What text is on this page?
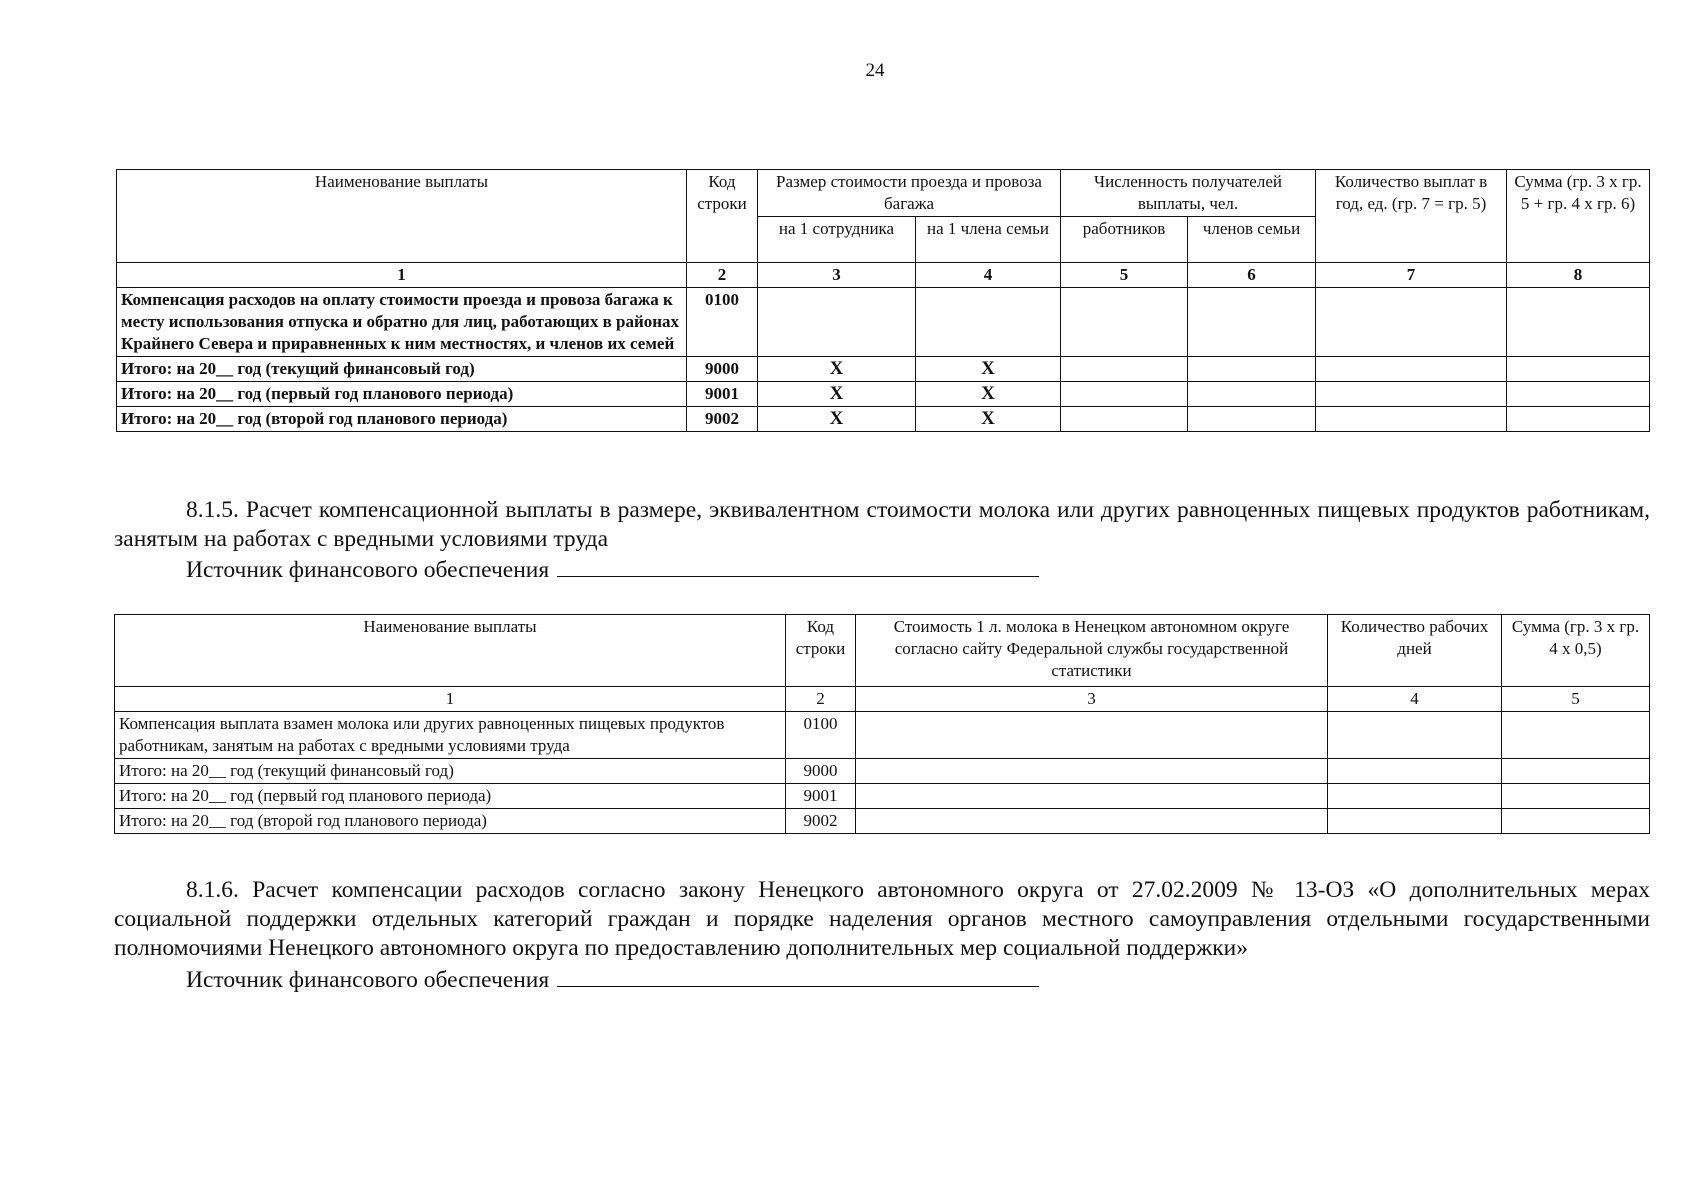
24
Наименование выплаты	Код строки	Размер стоимости проезда и провоза багажа		Численность получателей выплаты, чел.		Количество выплат в год, ед. (гр. 7 = гр. 5)	Сумма (гр. 3 х гр. 5 + гр. 4 х гр. 6)
		на 1 сотрудника	на 1 члена семьи	работников	членов семьи		
1	2	3	4	5	6	7	8
Компенсация расходов на оплату стоимости проезда и провоза багажа к месту использования отпуска и обратно для лиц, работающих в районах Крайнего Севера и приравненных к ним местностях, и членов их семей	0100						
Итого: на 20__ год (текущий финансовый год)	9000	Х	Х				
Итого: на 20__ год (первый год планового периода)	9001	Х	Х				
Итого: на 20__ год (второй год планового периода)	9002	Х	Х				
8.1.5. Расчет компенсационной выплаты в размере, эквивалентном стоимости молока или других равноценных пищевых продуктов работникам, занятым на работах с вредными условиями труда
Источник финансового обеспечения
Наименование выплаты	Код строки	Стоимость 1 л. молока в Ненецком автономном округе согласно сайту Федеральной службы государственной статистики	Количество рабочих дней	Сумма (гр. 3 х гр. 4 х 0,5)
1	2	3	4	5
Компенсация выплата взамен молока или других равноценных пищевых продуктов работникам, занятым на работах с вредными условиями труда	0100			
Итого: на 20__ год (текущий финансовый год)	9000			
Итого: на 20__ год (первый год планового периода)	9001			
Итого: на 20__ год (второй год планового периода)	9002			
8.1.6. Расчет компенсации расходов согласно закону Ненецкого автономного округа от 27.02.2009 № 13-ОЗ «О дополнительных мерах социальной поддержки отдельных категорий граждан и порядке наделения органов местного самоуправления отдельными государственными полномочиями Ненецкого автономного округа по предоставлению дополнительных мер социальной поддержки»
Источник финансового обеспечения
